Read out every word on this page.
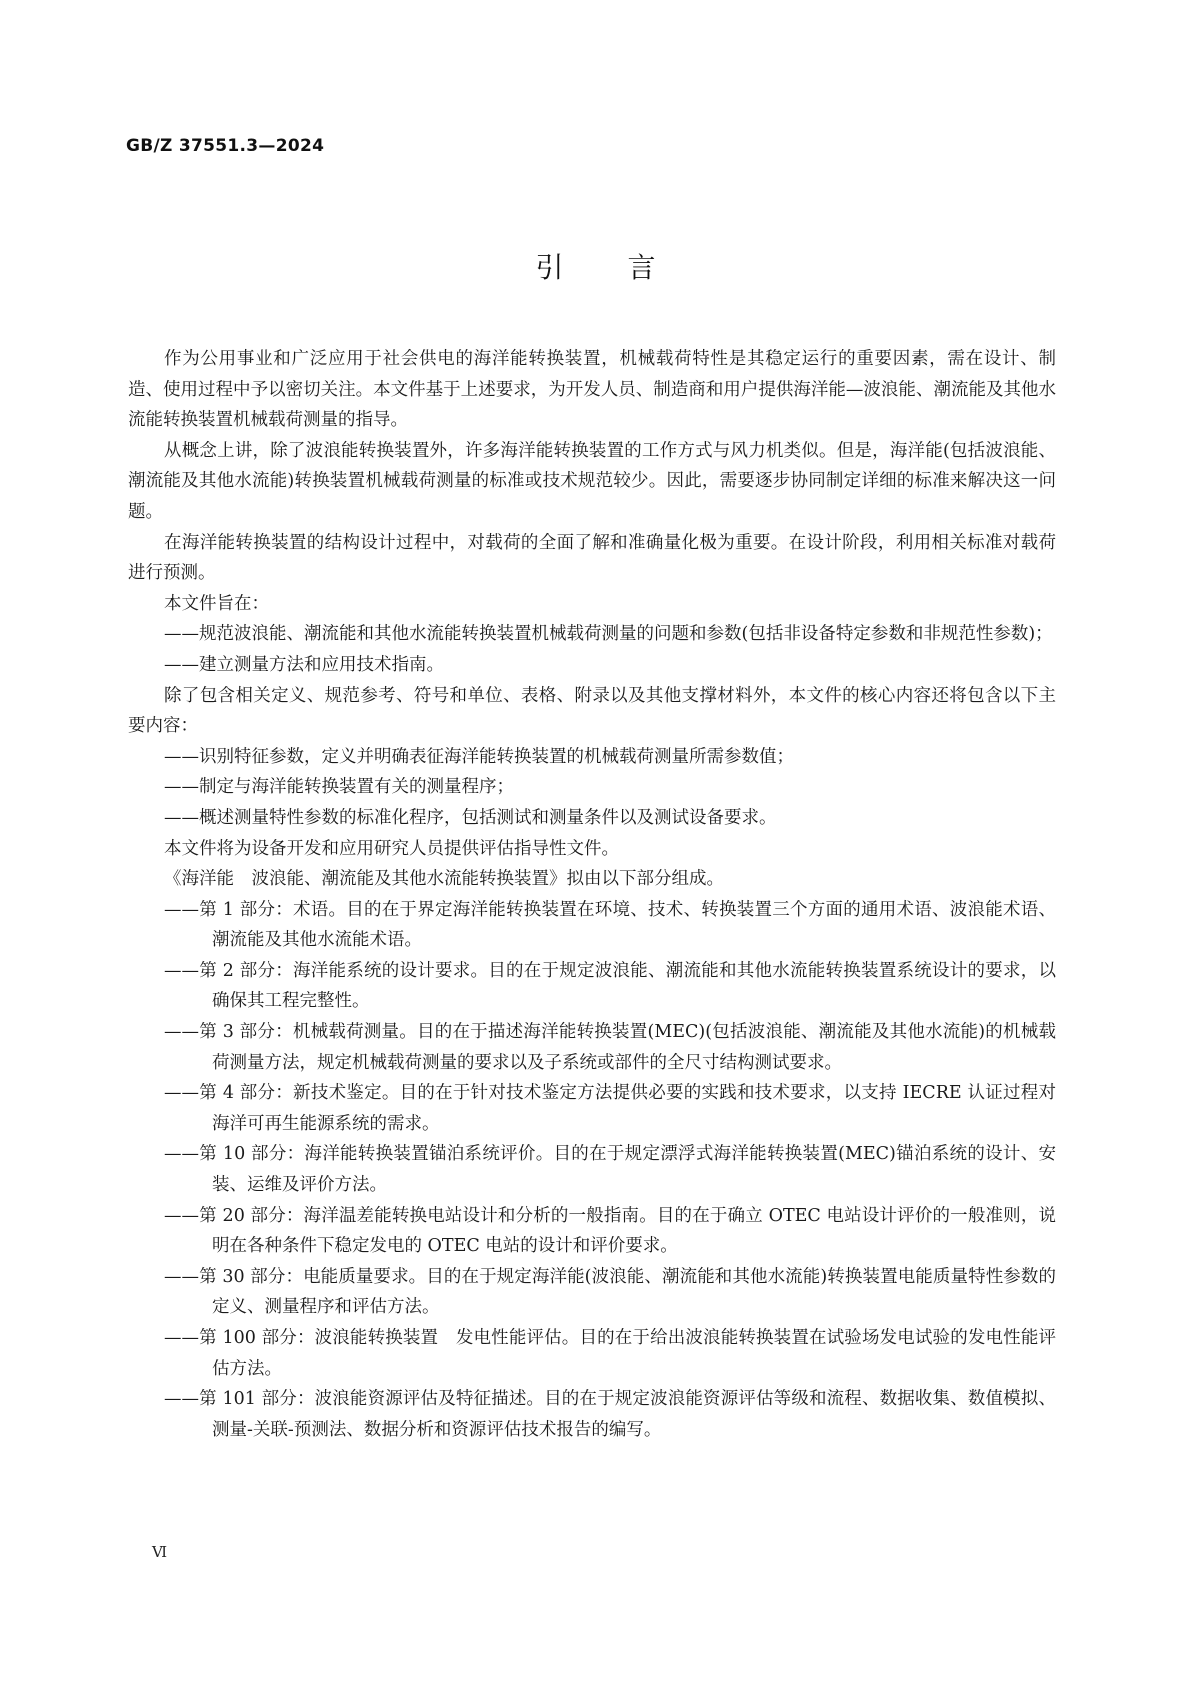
GB/Z 37551.3—2024
引言

作为公用事业和广泛应用于社会供电的海洋能转换装置，机械载荷特性是其稳定运行的重要因素，需在设计、制造、使用过程中予以密切关注。本文件基于上述要求，为开发人员、制造商和用户提供海洋能—波浪能、潮流能及其他水流能转换装置机械载荷测量的指导。

从概念上讲，除了波浪能转换装置外，许多海洋能转换装置的工作方式与风力机类似。但是，海洋能(包括波浪能、潮流能及其他水流能)转换装置机械载荷测量的标准或技术规范较少。因此，需要逐步协同制定详细的标准来解决这一问题。

在海洋能转换装置的结构设计过程中，对载荷的全面了解和准确量化极为重要。在设计阶段，利用相关标准对载荷进行预测。

本文件旨在：

——规范波浪能、潮流能和其他水流能转换装置机械载荷测量的问题和参数(包括非设备特定参数和非规范性参数)；

——建立测量方法和应用技术指南。

除了包含相关定义、规范参考、符号和单位、表格、附录以及其他支撑材料外，本文件的核心内容还将包含以下主要内容：

——识别特征参数，定义并明确表征海洋能转换装置的机械载荷测量所需参数值；

——制定与海洋能转换装置有关的测量程序；

——概述测量特性参数的标准化程序，包括测试和测量条件以及测试设备要求。

本文件将为设备开发和应用研究人员提供评估指导性文件。

《海洋能　波浪能、潮流能及其他水流能转换装置》拟由以下部分组成。

——第 1 部分：术语。目的在于界定海洋能转换装置在环境、技术、转换装置三个方面的通用术语、波浪能术语、潮流能及其他水流能术语。

——第 2 部分：海洋能系统的设计要求。目的在于规定波浪能、潮流能和其他水流能转换装置系统设计的要求，以确保其工程完整性。

——第 3 部分：机械载荷测量。目的在于描述海洋能转换装置(MEC)(包括波浪能、潮流能及其他水流能)的机械载荷测量方法，规定机械载荷测量的要求以及子系统或部件的全尺寸结构测试要求。

——第 4 部分：新技术鉴定。目的在于针对技术鉴定方法提供必要的实践和技术要求，以支持 IECRE 认证过程对海洋可再生能源系统的需求。

——第 10 部分：海洋能转换装置锚泊系统评价。目的在于规定漂浮式海洋能转换装置(MEC)锚泊系统的设计、安装、运维及评价方法。

——第 20 部分：海洋温差能转换电站设计和分析的一般指南。目的在于确立 OTEC 电站设计评价的一般准则，说明在各种条件下稳定发电的 OTEC 电站的设计和评价要求。

——第 30 部分：电能质量要求。目的在于规定海洋能(波浪能、潮流能和其他水流能)转换装置电能质量特性参数的定义、测量程序和评估方法。

——第 100 部分：波浪能转换装置　发电性能评估。目的在于给出波浪能转换装置在试验场发电试验的发电性能评估方法。

——第 101 部分：波浪能资源评估及特征描述。目的在于规定波浪能资源评估等级和流程、数据收集、数值模拟、测量-关联-预测法、数据分析和资源评估技术报告的编写。

Ⅵ
